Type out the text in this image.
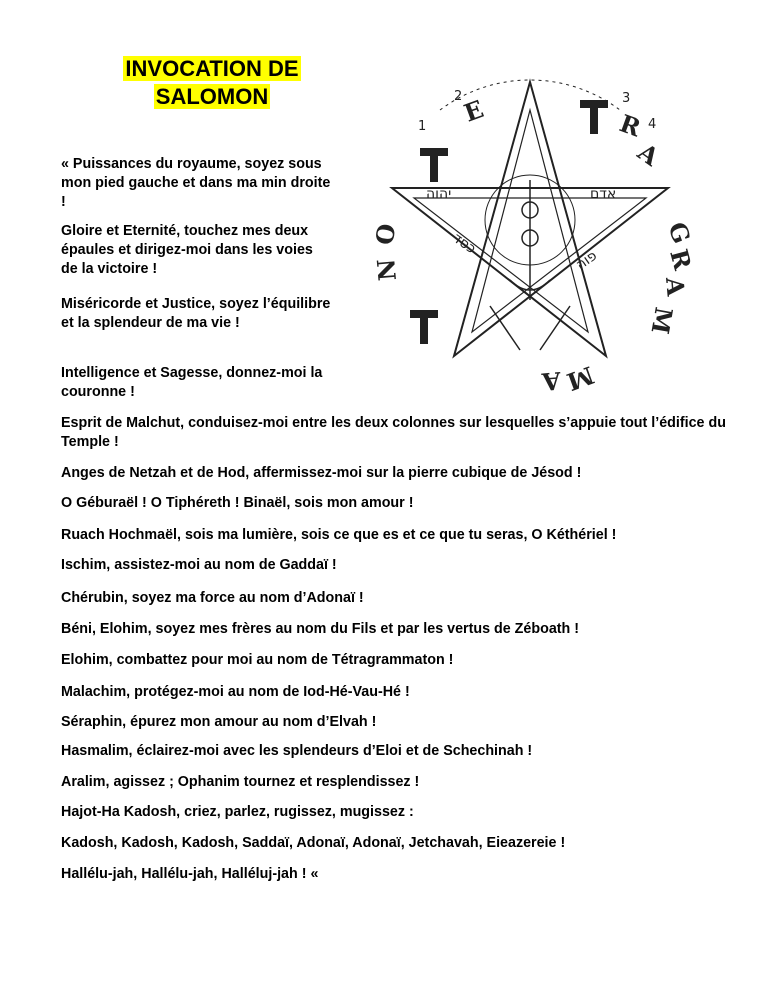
INVOCATION DE
SALOMON

« Puissances du royaume, soyez sous mon pied gauche et dans ma min droite !

Gloire et Eternité, touchez mes deux épaules et dirigez-moi dans les voies de la victoire !

Miséricorde et Justice, soyez l’équilibre et la splendeur de ma vie !

Intelligence et Sagesse, donnez-moi la couronne !

Esprit de Malchut, conduisez-moi entre les deux colonnes sur lesquelles s’appuie tout l’édifice du Temple !

Anges de Netzah et de Hod, affermissez-moi sur la pierre cubique de Jésod !

O Géburaël ! O Tiphéreth ! Binaël, sois mon amour !

Ruach Hochmaël, sois ma lumière, sois ce que es et ce que tu seras, O Kéthériel !

Ischim, assistez-moi au nom de Gaddaï !

Chérubin, soyez ma force au nom d’Adonaï !

Béni, Elohim, soyez mes frères au nom du Fils et par les vertus de Zéboath !

Elohim, combattez pour moi au nom de Tétragrammaton !

Malachim, protégez-moi au nom de Iod-Hé-Vau-Hé !

Séraphin, épurez mon amour au nom d’Elvah !

Hasmalim, éclairez-moi avec les splendeurs d’Eloi et de Schechinah !

Aralim, agissez ; Ophanim tournez et resplendissez !

Hajot-Ha Kadosh, criez, parlez, rugissez, mugissez :

Kadosh, Kadosh, Kadosh, Saddaï, Adonaï, Adonaï, Jetchavah, Eieazereie !

Hallélu-jah, Hallélu-jah, Halléluj-jah ! «

E	R
A
G
R
A
M
M
A
O
N
1
2	3
4
יהוה	אדם
כסד
פוה
